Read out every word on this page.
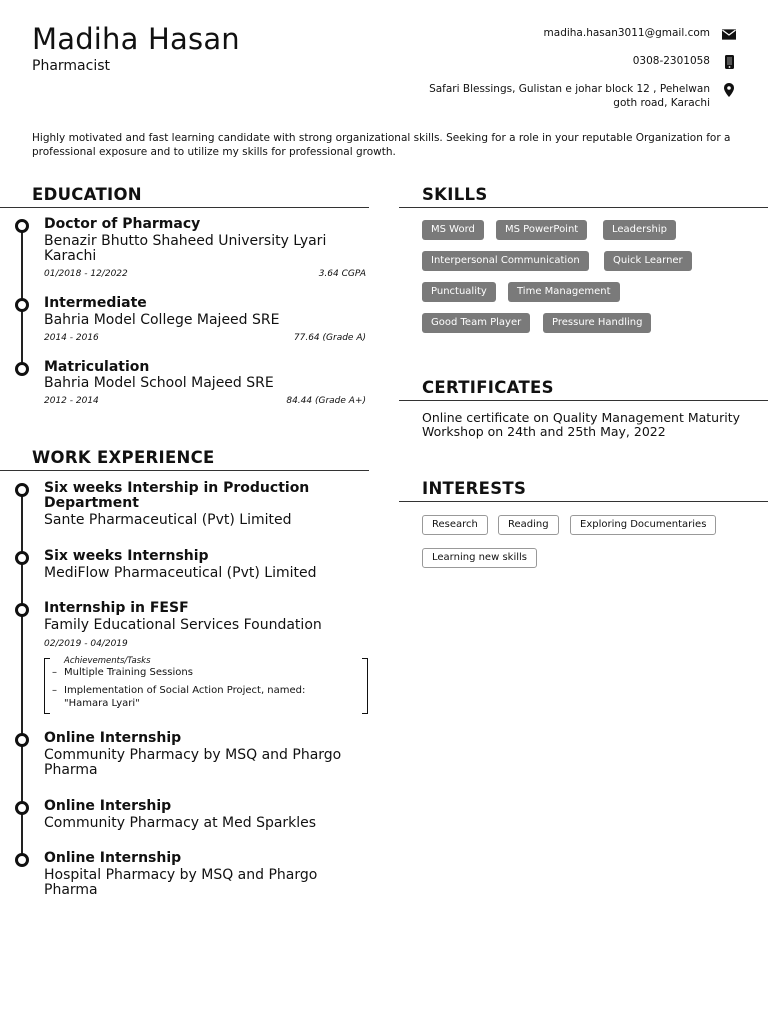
Madiha Hasan
Pharmacist
madiha.hasan3011@gmail.com
0308-2301058
Safari Blessings, Gulistan e johar block 12 , Pehelwan goth road, Karachi
Highly motivated and fast learning candidate with strong organizational skills. Seeking for a role in your reputable Organization for a professional exposure and to utilize my skills for professional growth.
EDUCATION
Doctor of Pharmacy
Benazir Bhutto Shaheed University Lyari Karachi
01/2018 - 12/2022	3.64 CGPA
Intermediate
Bahria Model College Majeed SRE
2014 - 2016	77.64 (Grade A)
Matriculation
Bahria Model School Majeed SRE
2012 - 2014	84.44 (Grade A+)
WORK EXPERIENCE
Six weeks Intership in Production Department
Sante Pharmaceutical (Pvt) Limited
Six weeks Internship
MediFlow Pharmaceutical (Pvt) Limited
Internship in FESF
Family Educational Services Foundation
02/2019 - 04/2019
Achievements/Tasks
– Multiple Training Sessions
– Implementation of Social Action Project, named: "Hamara Lyari"
Online Internship
Community Pharmacy by MSQ and Phargo Pharma
Online Intership
Community Pharmacy at Med Sparkles
Online Internship
Hospital Pharmacy by MSQ and Phargo Pharma
SKILLS
MS Word	MS PowerPoint	Leadership
Interpersonal Communication	Quick Learner
Punctuality	Time Management
Good Team Player	Pressure Handling
CERTIFICATES
Online certificate on Quality Management Maturity Workshop on 24th and 25th May, 2022
INTERESTS
Research	Reading	Exploring Documentaries
Learning new skills
